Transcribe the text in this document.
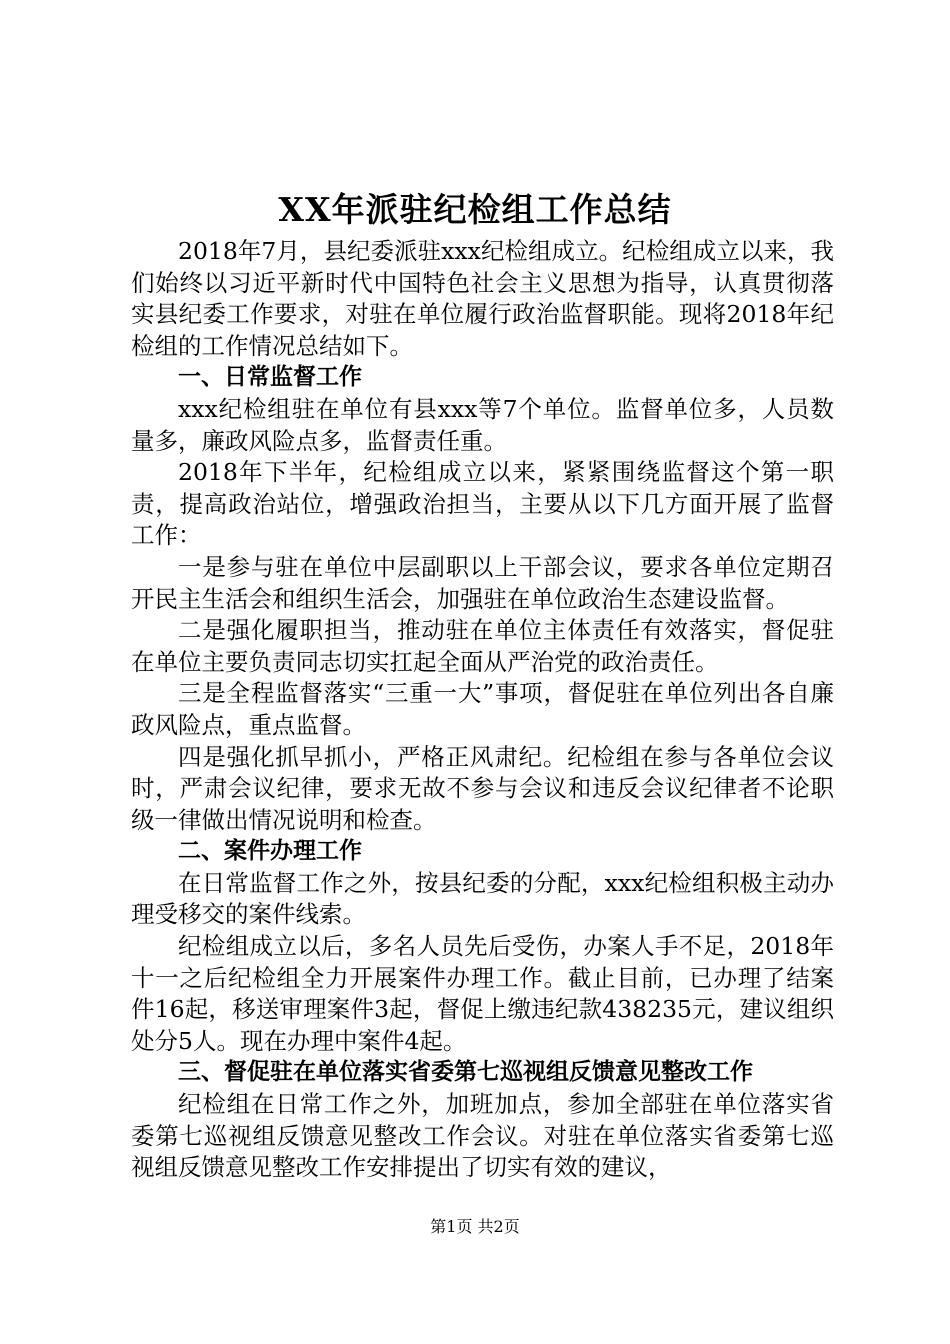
XX年派驻纪检组工作总结

2018年7月，县纪委派驻xxx纪检组成立。纪检组成立以来，我们始终以习近平新时代中国特色社会主义思想为指导，认真贯彻落实县纪委工作要求，对驻在单位履行政治监督职能。现将2018年纪检组的工作情况总结如下。

一、日常监督工作

xxx纪检组驻在单位有县xxx等7个单位。监督单位多，人员数量多，廉政风险点多，监督责任重。

2018年下半年，纪检组成立以来，紧紧围绕监督这个第一职责，提高政治站位，增强政治担当，主要从以下几方面开展了监督工作：

一是参与驻在单位中层副职以上干部会议，要求各单位定期召开民主生活会和组织生活会，加强驻在单位政治生态建设监督。

二是强化履职担当，推动驻在单位主体责任有效落实，督促驻在单位主要负责同志切实扛起全面从严治党的政治责任。

三是全程监督落实“三重一大”事项，督促驻在单位列出各自廉政风险点，重点监督。

四是强化抓早抓小，严格正风肃纪。纪检组在参与各单位会议时，严肃会议纪律，要求无故不参与会议和违反会议纪律者不论职级一律做出情况说明和检查。

二、案件办理工作

在日常监督工作之外，按县纪委的分配，xxx纪检组积极主动办理受移交的案件线索。

纪检组成立以后，多名人员先后受伤，办案人手不足，2018年十一之后纪检组全力开展案件办理工作。截止目前，已办理了结案件16起，移送审理案件3起，督促上缴违纪款438235元，建议组织处分5人。现在办理中案件4起。

三、督促驻在单位落实省委第七巡视组反馈意见整改工作

纪检组在日常工作之外，加班加点，参加全部驻在单位落实省委第七巡视组反馈意见整改工作会议。对驻在单位落实省委第七巡视组反馈意见整改工作安排提出了切实有效的建议，

第1页 共2页
